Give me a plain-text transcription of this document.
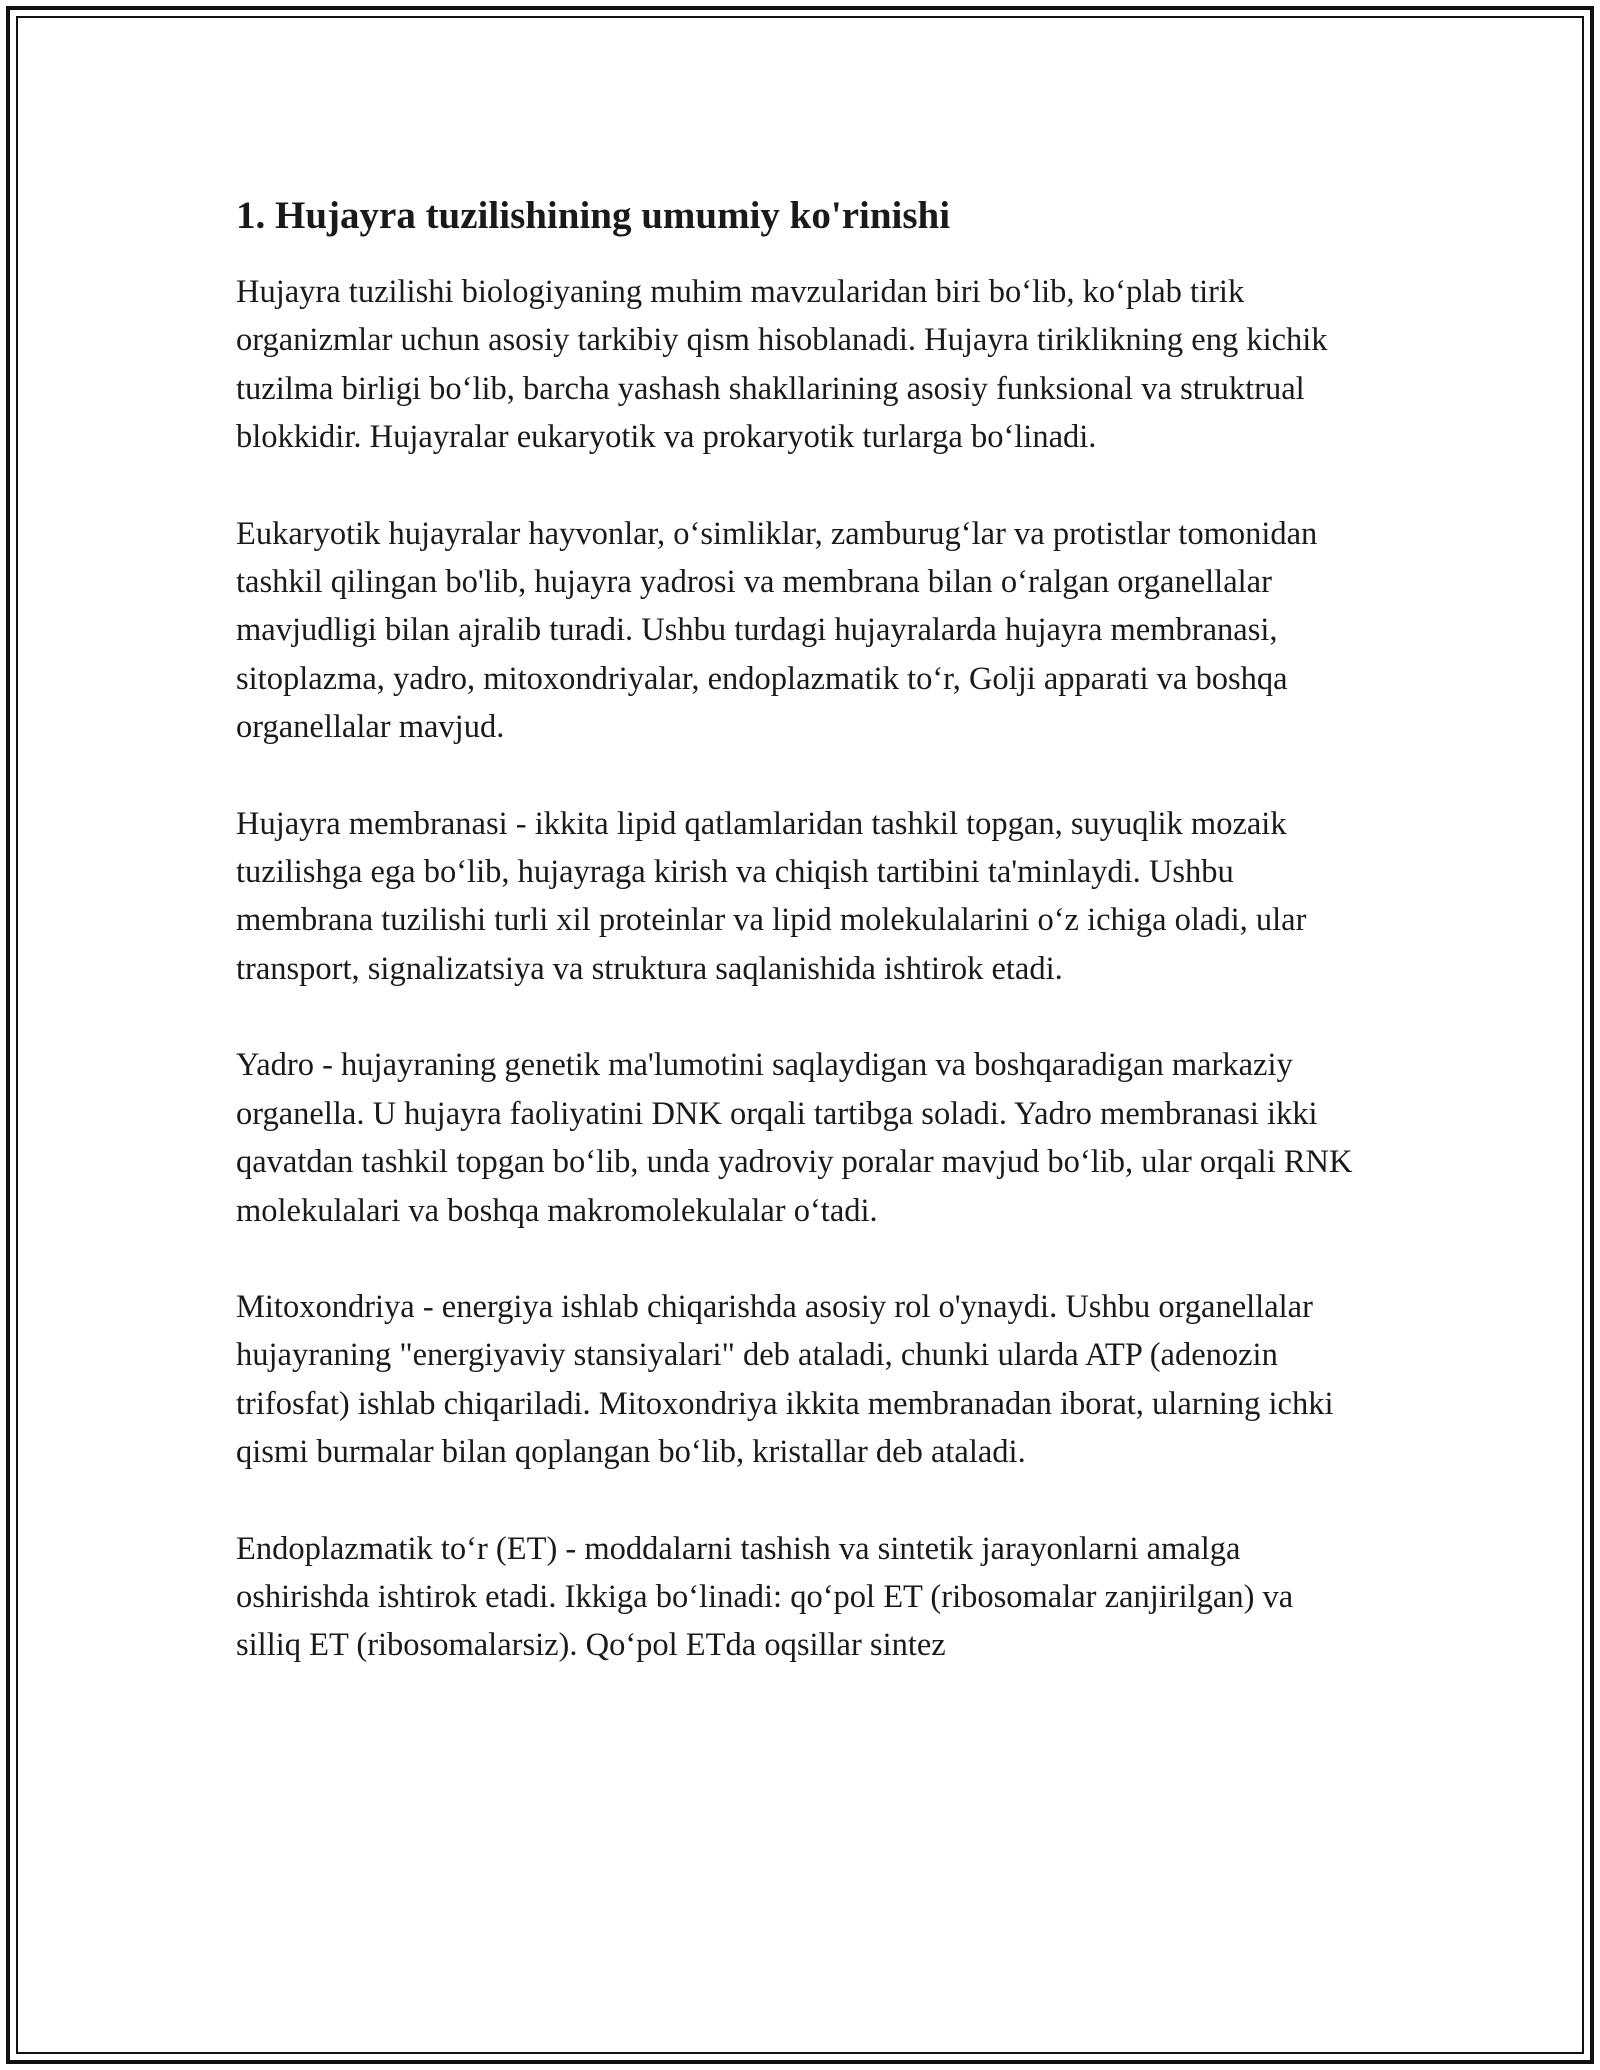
1. Hujayra tuzilishining umumiy ko'rinishi

Hujayra tuzilishi biologiyaning muhim mavzularidan biri bo‘lib, ko‘plab tirik organizmlar uchun asosiy tarkibiy qism hisoblanadi. Hujayra tiriklikning eng kichik tuzilma birligi bo‘lib, barcha yashash shakllarining asosiy funksional va struktrual blokkidir. Hujayralar eukaryotik va prokaryotik turlarga bo‘linadi.

Eukaryotik hujayralar hayvonlar, o‘simliklar, zamburug‘lar va protistlar tomonidan tashkil qilingan bo'lib, hujayra yadrosi va membrana bilan o‘ralgan organellalar mavjudligi bilan ajralib turadi. Ushbu turdagi hujayralarda hujayra membranasi, sitoplazma, yadro, mitoxondriyalar, endoplazmatik to‘r, Golji apparati va boshqa organellalar mavjud.

Hujayra membranasi - ikkita lipid qatlamlaridan tashkil topgan, suyuqlik mozaik tuzilishga ega bo‘lib, hujayraga kirish va chiqish tartibini ta'minlaydi. Ushbu membrana tuzilishi turli xil proteinlar va lipid molekulalarini o‘z ichiga oladi, ular transport, signalizatsiya va struktura saqlanishida ishtirok etadi.

Yadro - hujayraning genetik ma'lumotini saqlaydigan va boshqaradigan markaziy organella. U hujayra faoliyatini DNK orqali tartibga soladi. Yadro membranasi ikki qavatdan tashkil topgan bo‘lib, unda yadroviy poralar mavjud bo‘lib, ular orqali RNK molekulalari va boshqa makromolekulalar o‘tadi.

Mitoxondriya - energiya ishlab chiqarishda asosiy rol o'ynaydi. Ushbu organellalar hujayraning "energiyaviy stansiyalari" deb ataladi, chunki ularda ATP (adenozin trifosfat) ishlab chiqariladi. Mitoxondriya ikkita membranadan iborat, ularning ichki qismi burmalar bilan qoplangan bo‘lib, kristallar deb ataladi.

Endoplazmatik to‘r (ET) - moddalarni tashish va sintetik jarayonlarni amalga oshirishda ishtirok etadi. Ikkiga bo‘linadi: qo‘pol ET (ribosomalar zanjirilgan) va silliq ET (ribosomalarsiz). Qo‘pol ETda oqsillar sintez
